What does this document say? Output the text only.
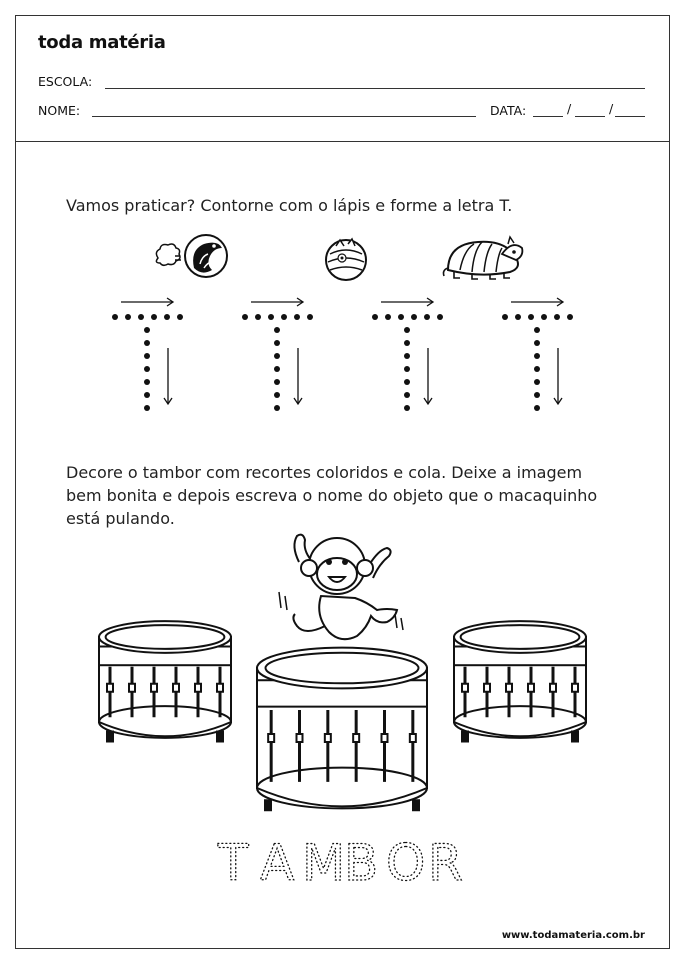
toda matéria
ESCOLA:
NOME:	DATA:	/	/
Vamos praticar? Contorne com o lápis e forme a letra T.
Decore o tambor com recortes coloridos e cola. Deixe a imagem
bem bonita e depois escreva o nome do objeto que o macaquinho
está pulando.
T A M
B O R
www.todamateria.com.br
